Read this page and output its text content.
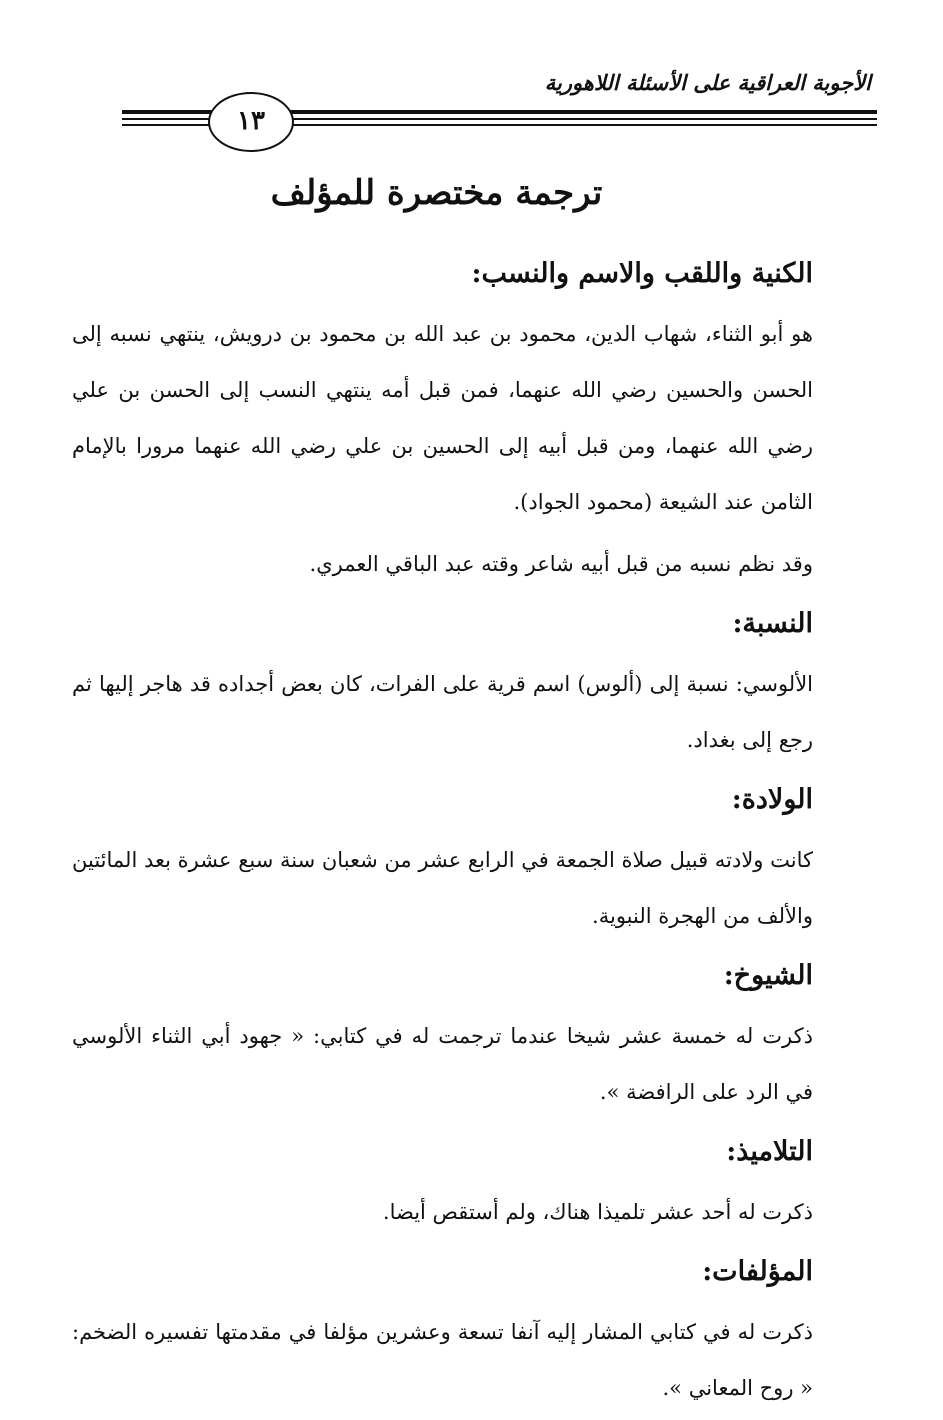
الأجوبة العراقية على الأسئلة اللاهورية
١٣
ترجمة مختصرة للمؤلف
الكنية واللقب والاسم والنسب:
هو أبو الثناء، شهاب الدين، محمود بن عبد الله بن محمود بن درويش، ينتهي نسبه إلى الحسن والحسين رضي الله عنهما، فمن قبل أمه ينتهي النسب إلى الحسن بن علي رضي الله عنهما، ومن قبل أبيه إلى الحسين بن علي رضي الله عنهما مرورا بالإمام الثامن عند الشيعة (محمود الجواد).
وقد نظم نسبه من قبل أبيه شاعر وقته عبد الباقي العمري.
النسبة:
الألوسي: نسبة إلى (ألوس) اسم قرية على الفرات، كان بعض أجداده قد هاجر إليها ثم رجع إلى بغداد.
الولادة:
كانت ولادته قبيل صلاة الجمعة في الرابع عشر من شعبان سنة سبع عشرة بعد المائتين والألف من الهجرة النبوية.
الشيوخ:
ذكرت له خمسة عشر شيخا عندما ترجمت له في كتابي: « جهود أبي الثناء الألوسي في الرد على الرافضة ».
التلاميذ:
ذكرت له أحد عشر تلميذا هناك، ولم أستقص أيضا.
المؤلفات:
ذكرت له في كتابي المشار إليه آنفا تسعة وعشرين مؤلفا في مقدمتها تفسيره الضخم: « روح المعاني ».
